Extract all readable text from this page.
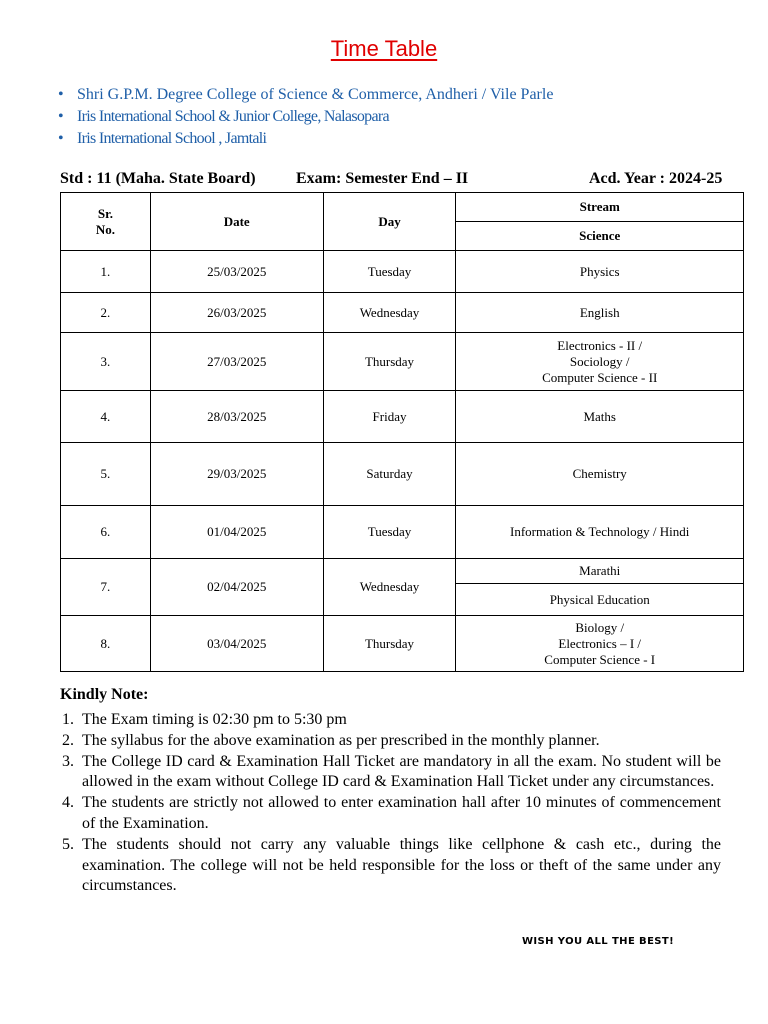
Time Table
• Shri G.P.M. Degree College of Science & Commerce, Andheri / Vile Parle
• Iris International School & Junior College, Nalasopara
• Iris International School , Jamtali
Std : 11 (Maha. State Board)	Exam: Semester End – II	Acd. Year : 2024-25
Sr.
No.	Date	Day	Stream
			Science
1.	25/03/2025	Tuesday	Physics
2.	26/03/2025	Wednesday	English
3.	27/03/2025	Thursday	Electronics - II /
Sociology /
Computer Science - II
4.	28/03/2025	Friday	Maths
5.	29/03/2025	Saturday	Chemistry
6.	01/04/2025	Tuesday	Information & Technology / Hindi
7.	02/04/2025	Wednesday	Marathi
			Physical Education
8.	03/04/2025	Thursday	Biology /
Electronics – I /
Computer Science - I
Kindly Note:
1. The Exam timing is 02:30 pm to 5:30 pm
2. The syllabus for the above examination as per prescribed in the monthly planner.
3. The College ID card & Examination Hall Ticket are mandatory in all the exam. No student will be allowed in the exam without College ID card & Examination Hall Ticket under any circumstances.
4. The students are strictly not allowed to enter examination hall after 10 minutes of commencement of the Examination.
5. The students should not carry any valuable things like cellphone & cash etc., during the examination. The college will not be held responsible for the loss or theft of the same under any circumstances.
WISH YOU ALL THE BEST!
